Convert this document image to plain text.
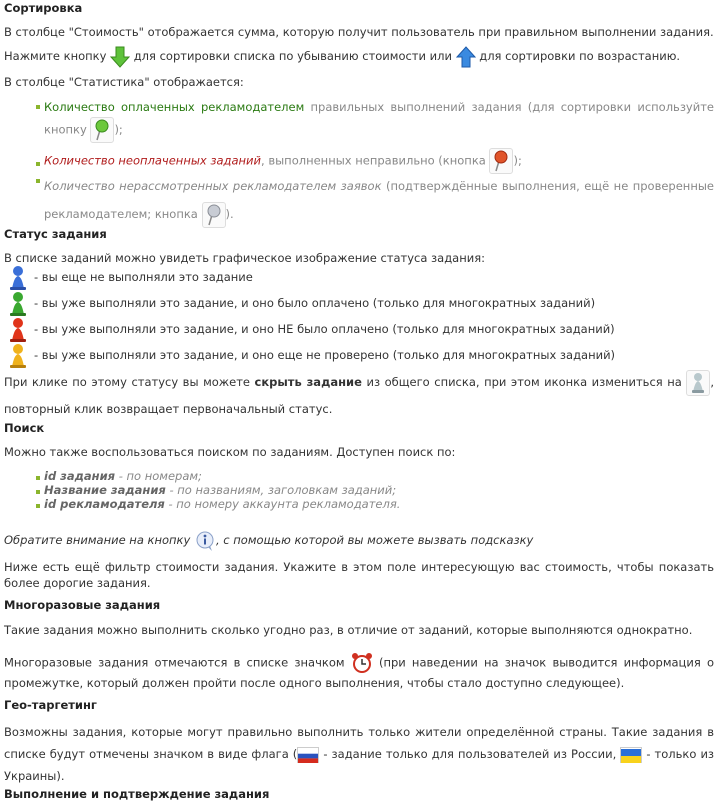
Сортировка

В столбце "Стоимость" отображается сумма, которую получит пользователь при правильном выполнении задания.

Нажмите кнопку для сортировки списка по убыванию стоимости или для сортировки по возрастанию.

В столбце "Статистика" отображается:

Количество оплаченных рекламодателем правильных выполнений задания (для сортировки используйте кнопку );

Количество неоплаченных заданий, выполненных неправильно (кнопка );

Количество нерассмотренных рекламодателем заявок (подтверждённые выполнения, ещё не проверенные рекламодателем; кнопка ).

Статус задания

В списке заданий можно увидеть графическое изображение статуса задания:

- вы еще не выполняли это задание

- вы уже выполняли это задание, и оно было оплачено (только для многократных заданий)

- вы уже выполняли это задание, и оно НЕ было оплачено (только для многократных заданий)

- вы уже выполняли это задание, и оно еще не проверено (только для многократных заданий)

При клике по этому статусу вы можете скрыть задание из общего списка, при этом иконка измениться на , повторный клик возвращает первоначальный статус.

Поиск

Можно также воспользоваться поиском по заданиям. Доступен поиск по:

id задания - по номерам;

Название задания - по названиям, заголовкам заданий;

id рекламодателя - по номеру аккаунта рекламодателя.

Обратите внимание на кнопку , с помощью которой вы можете вызвать подсказку

Ниже есть ещё фильтр стоимости задания. Укажите в этом поле интересующую вас стоимость, чтобы показать более дорогие задания.

Многоразовые задания

Такие задания можно выполнить сколько угодно раз, в отличие от заданий, которые выполняются однократно.

Многоразовые задания отмечаются в списке значком	(при наведении на значок выводится информация о промежутке, который должен пройти после одного выполнения, чтобы стало доступно следующее).

Гео-таргетинг

Возможны задания, которые могут правильно выполнить только жители определённой страны. Такие задания в списке будут отмечены значком в виде флага ( - задание только для пользователей из России,	- только из Украины).

Выполнение и подтверждение задания
